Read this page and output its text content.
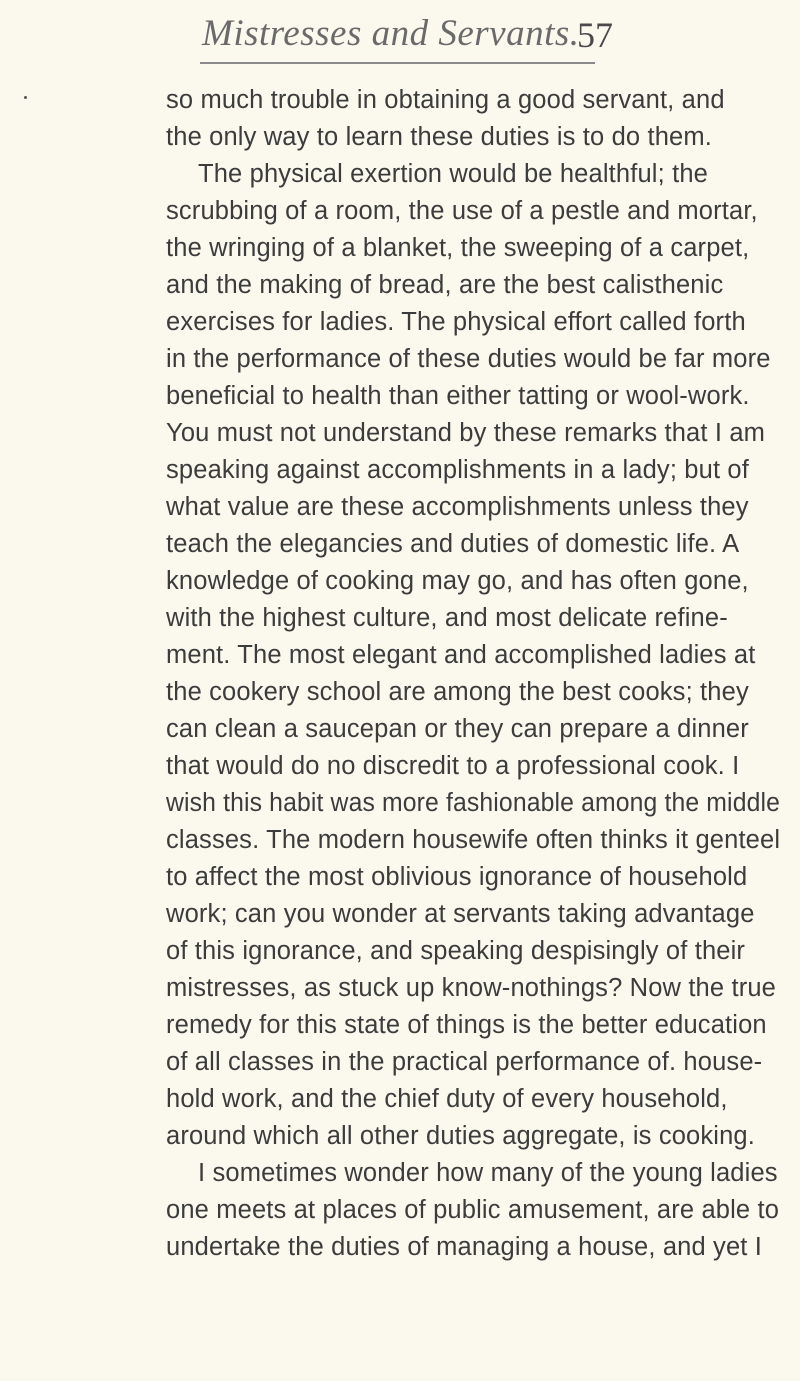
Mistresses and Servants.
57
so much trouble in obtaining a good servant, and
the only way to learn these duties is to do them.
The physical exertion would be healthful; the
scrubbing of a room, the use of a pestle and mortar,
the wringing of a blanket, the sweeping of a carpet,
and the making of bread, are the best calisthenic
exercises for ladies. The physical effort called forth
in the performance of these duties would be far more
beneficial to health than either tatting or wool-work.
You must not understand by these remarks that I am
speaking against accomplishments in a lady; but of
what value are these accomplishments unless they
teach the elegancies and duties of domestic life. A
knowledge of cooking may go, and has often gone,
with the highest culture, and most delicate refine-
ment. The most elegant and accomplished ladies at
the cookery school are among the best cooks; they
can clean a saucepan or they can prepare a dinner
that would do no discredit to a professional cook. I
wish this habit was more fashionable among the middle
classes. The modern housewife often thinks it genteel
to affect the most oblivious ignorance of household
work; can you wonder at servants taking advantage
of this ignorance, and speaking despisingly of their
mistresses, as stuck up know-nothings? Now the true
remedy for this state of things is the better education
of all classes in the practical performance of. house-
hold work, and the chief duty of every household,
around which all other duties aggregate, is cooking.
I sometimes wonder how many of the young ladies
one meets at places of public amusement, are able to
undertake the duties of managing a house, and yet I
